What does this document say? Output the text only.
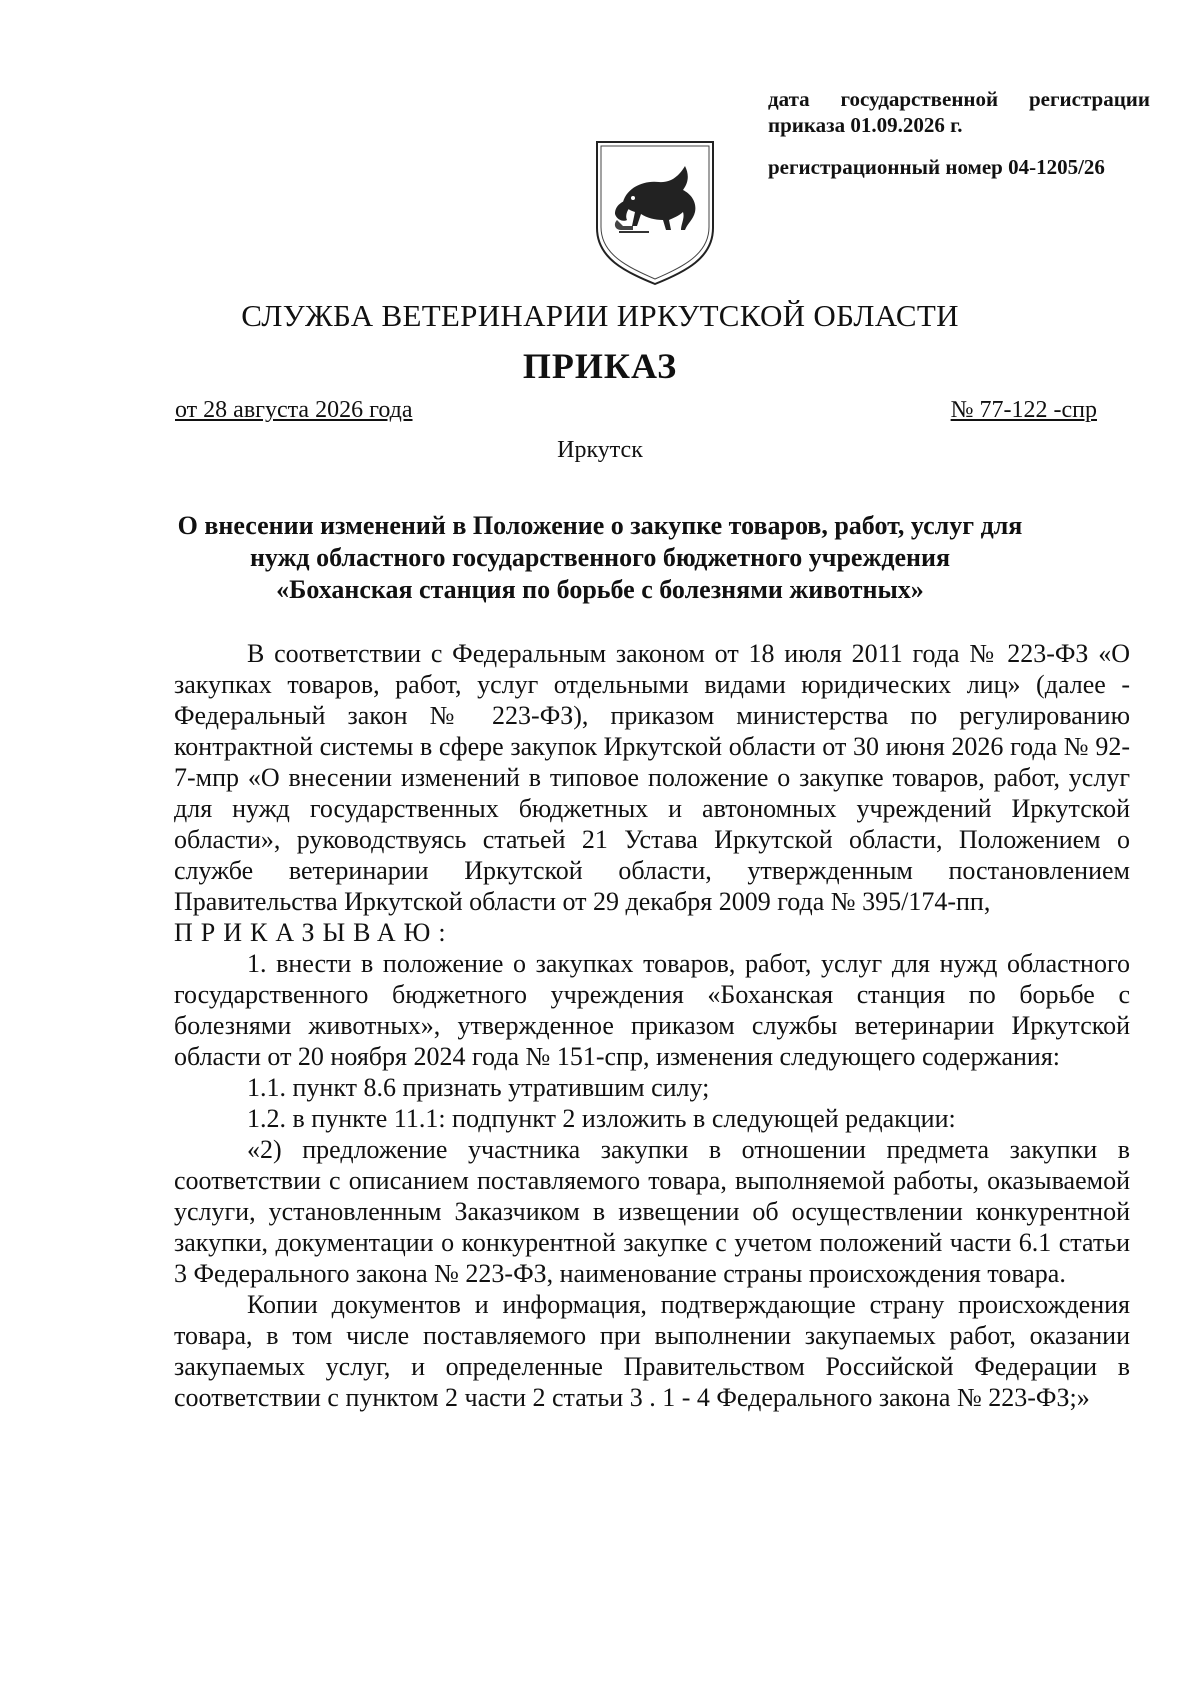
дата государственной регистрации
приказа 01.09.2026 г.
регистрационный номер 04-1205/26
СЛУЖБА ВЕТЕРИНАРИИ ИРКУТСКОЙ ОБЛАСТИ
ПРИКАЗ
от 28 августа 2026 года	№ 77-122 -спр
Иркутск
О внесении изменений в Положение о закупке товаров, работ, услуг для
нужд областного государственного бюджетного учреждения
«Боханская станция по борьбе с болезнями животных»

В соответствии с Федеральным законом от 18 июля 2011 года № 223-ФЗ «О закупках товаров, работ, услуг отдельными видами юридических лиц» (далее - Федеральный закон № 223-ФЗ), приказом министерства по регулированию контрактной системы в сфере закупок Иркутской области от 30 июня 2026 года № 92-7-мпр «О внесении изменений в типовое положение о закупке товаров, работ, услуг для нужд государственных бюджетных и автономных учреждений Иркутской области», руководствуясь статьей 21 Устава Иркутской области, Положением о службе ветеринарии Иркутской области, утвержденным постановлением Правительства Иркутской области от 29 декабря 2009 года № 395/174-пп,

ПРИКАЗЫВАЮ:

1. внести в положение о закупках товаров, работ, услуг для нужд областного государственного бюджетного учреждения «Боханская станция по борьбе с болезнями животных», утвержденное приказом службы ветеринарии Иркутской области от 20 ноября 2024 года № 151-спр, изменения следующего содержания:

1.1. пункт 8.6 признать утратившим силу;

1.2. в пункте 11.1: подпункт 2 изложить в следующей редакции:

«2) предложение участника закупки в отношении предмета закупки в соответствии с описанием поставляемого товара, выполняемой работы, оказываемой услуги, установленным Заказчиком в извещении об осуществлении конкурентной закупки, документации о конкурентной закупке с учетом положений части 6.1 статьи 3 Федерального закона № 223-ФЗ, наименование страны происхождения товара.

Копии документов и информация, подтверждающие страну происхождения товара, в том числе поставляемого при выполнении закупаемых работ, оказании закупаемых услуг, и определенные Правительством Российской Федерации в соответствии с пунктом 2 части 2 статьи 3 . 1 - 4 Федерального закона № 223-ФЗ;»
